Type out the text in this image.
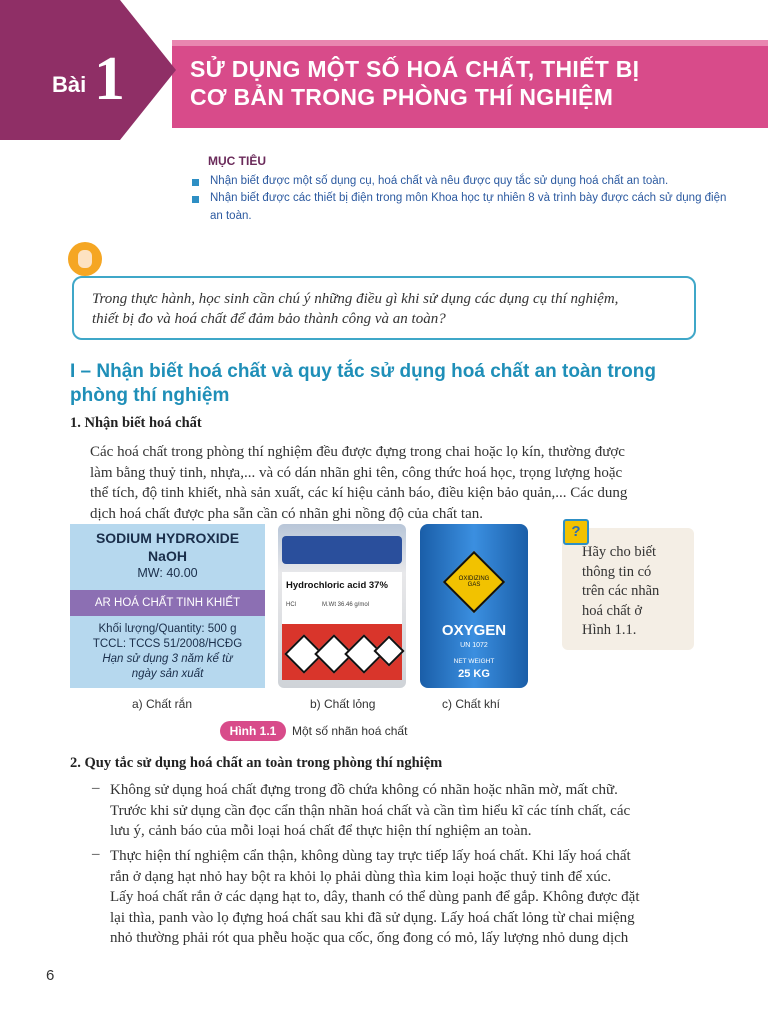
Bài 1	SỬ DỤNG MỘT SỐ HOÁ CHẤT, THIẾT BỊ
CƠ BẢN TRONG PHÒNG THÍ NGHIỆM
MỤC TIÊU
Nhận biết được một số dụng cụ, hoá chất và nêu được quy tắc sử dụng hoá chất an toàn.
Nhận biết được các thiết bị điện trong môn Khoa học tự nhiên 8 và trình bày được cách sử dụng điện
an toàn.
Trong thực hành, học sinh cần chú ý những điều gì khi sử dụng các dụng cụ thí nghiệm,
thiết bị đo và hoá chất để đảm bảo thành công và an toàn?
I – Nhận biết hoá chất và quy tắc sử dụng hoá chất an toàn trong
phòng thí nghiệm
1. Nhận biết hoá chất
Các hoá chất trong phòng thí nghiệm đều được đựng trong chai hoặc lọ kín, thường được
làm bằng thuỷ tinh, nhựa,... và có dán nhãn ghi tên, công thức hoá học, trọng lượng hoặc
thể tích, độ tinh khiết, nhà sản xuất, các kí hiệu cảnh báo, điều kiện bảo quản,... Các dung
dịch hoá chất được pha sẵn cần có nhãn ghi nồng độ của chất tan.
SODIUM HYDROXIDE
NaOH
MW: 40.00
AR HOÁ CHẤT TINH KHIẾT
Khối lượng/Quantity: 500 g
TCCL: TCCS 51/2008/HCĐG
Hạn sử dụng 3 năm kể từ
ngày sản xuất
Hydrochloric acid 37%
HCl	M.Wt 36.46 g/mol
OXIDIZING
GAS
OXYGEN
UN 1072
NET WEIGHT
25 KG
a) Chất rắn	b) Chất lỏng	c) Chất khí
Hình 1.1	Một số nhãn hoá chất
?
Hãy cho biết
thông tin có
trên các nhãn
hoá chất ở
Hình 1.1.
2. Quy tắc sử dụng hoá chất an toàn trong phòng thí nghiệm
– Không sử dụng hoá chất đựng trong đồ chứa không có nhãn hoặc nhãn mờ, mất chữ.
Trước khi sử dụng cần đọc cẩn thận nhãn hoá chất và cần tìm hiểu kĩ các tính chất, các
lưu ý, cảnh báo của mỗi loại hoá chất để thực hiện thí nghiệm an toàn.
– Thực hiện thí nghiệm cẩn thận, không dùng tay trực tiếp lấy hoá chất. Khi lấy hoá chất
rắn ở dạng hạt nhỏ hay bột ra khỏi lọ phải dùng thìa kim loại hoặc thuỷ tinh để xúc.
Lấy hoá chất rắn ở các dạng hạt to, dây, thanh có thể dùng panh để gắp. Không được đặt
lại thìa, panh vào lọ đựng hoá chất sau khi đã sử dụng. Lấy hoá chất lỏng từ chai miệng
nhỏ thường phải rót qua phễu hoặc qua cốc, ống đong có mỏ, lấy lượng nhỏ dung dịch
6
